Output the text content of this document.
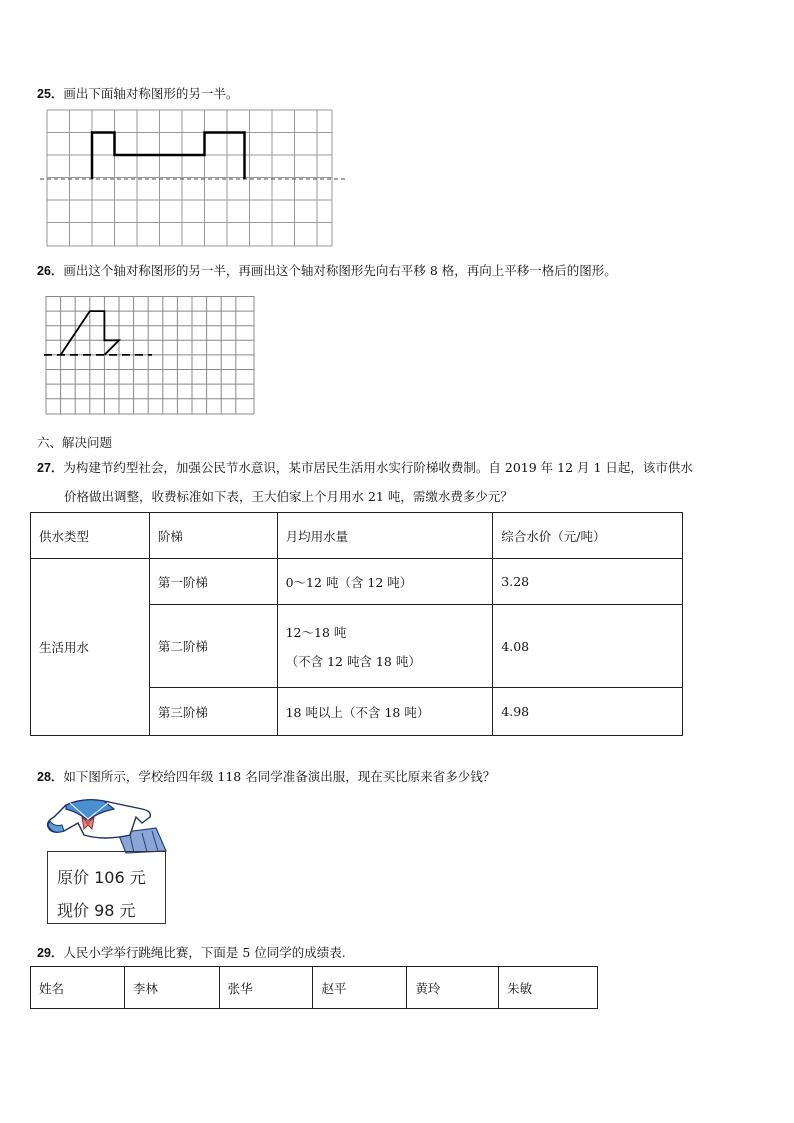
25．画出下面轴对称图形的另一半。
26．画出这个轴对称图形的另一半，再画出这个轴对称图形先向右平移 8 格，再向上平移一格后的图形。
六、解决问题
27．为构建节约型社会，加强公民节水意识，某市居民生活用水实行阶梯收费制。自 2019 年 12 月 1 日起，该市供水
价格做出调整，收费标准如下表，王大伯家上个月用水 21 吨，需缴水费多少元？
供水类型	阶梯	月均用水量	综合水价（元/吨）
生活用水	第一阶梯	0～12 吨（含 12 吨）	3.28
	第二阶梯	12～18 吨
（不含 12 吨含 18 吨）	4.08
	第三阶梯	18 吨以上（不含 18 吨）	4.98
28．如下图所示，学校给四年级 118 名同学准备演出服，现在买比原来省多少钱？
原价 106 元
现价 98 元
29．人民小学举行跳绳比赛，下面是 5 位同学的成绩表.
姓名	李林	张华	赵平	黄玲	朱敏
